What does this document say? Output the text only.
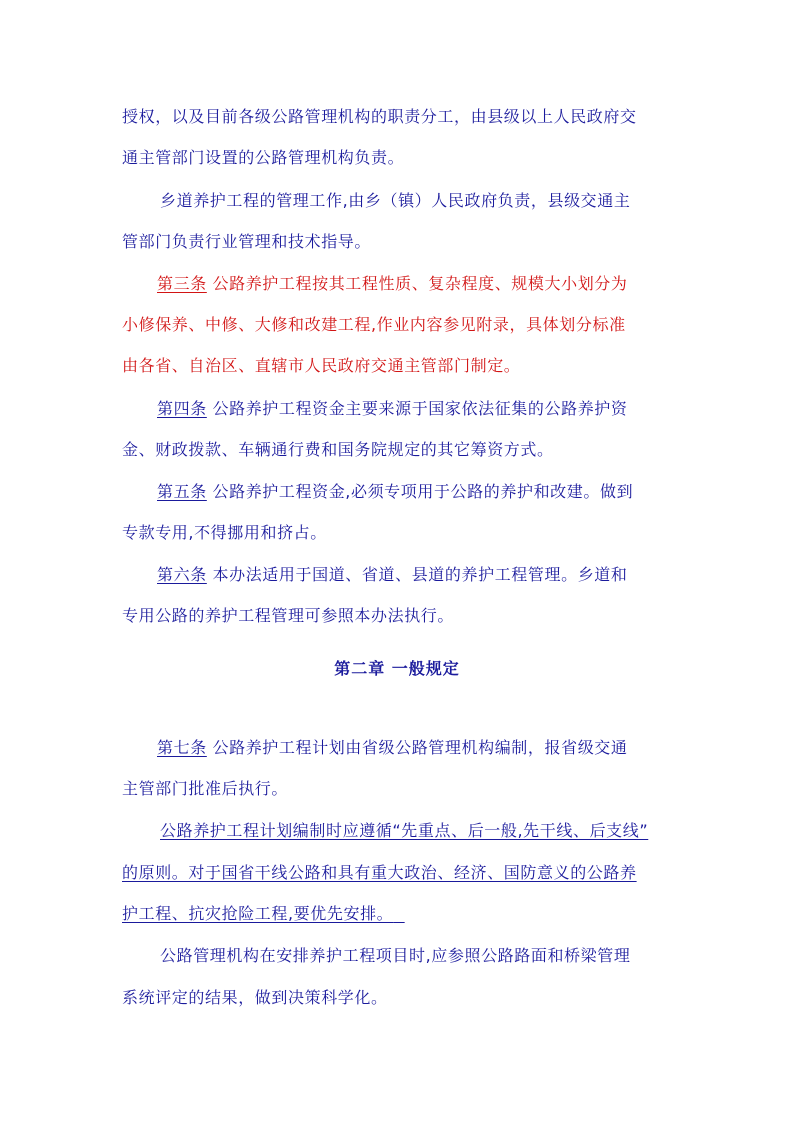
授权，以及目前各级公路管理机构的职责分工，由县级以上人民政府交
通主管部门设置的公路管理机构负责。
乡道养护工程的管理工作,由乡（镇）人民政府负责，县级交通主
管部门负责行业管理和技术指导。
第三条 公路养护工程按其工程性质、复杂程度、规模大小划分为
小修保养、中修、大修和改建工程,作业内容参见附录，具体划分标准
由各省、自治区、直辖市人民政府交通主管部门制定。
第四条 公路养护工程资金主要来源于国家依法征集的公路养护资
金、财政拨款、车辆通行费和国务院规定的其它筹资方式。
第五条 公路养护工程资金,必须专项用于公路的养护和改建。做到
专款专用,不得挪用和挤占。
第六条 本办法适用于国道、省道、县道的养护工程管理。乡道和
专用公路的养护工程管理可参照本办法执行。
第二章 一般规定
第七条 公路养护工程计划由省级公路管理机构编制，报省级交通
主管部门批准后执行。
公路养护工程计划编制时应遵循“先重点、后一般,先干线、后支线”
的原则。对于国省干线公路和具有重大政治、经济、国防意义的公路养
护工程、抗灾抢险工程,要优先安排。
公路管理机构在安排养护工程项目时,应参照公路路面和桥梁管理
系统评定的结果，做到决策科学化。
